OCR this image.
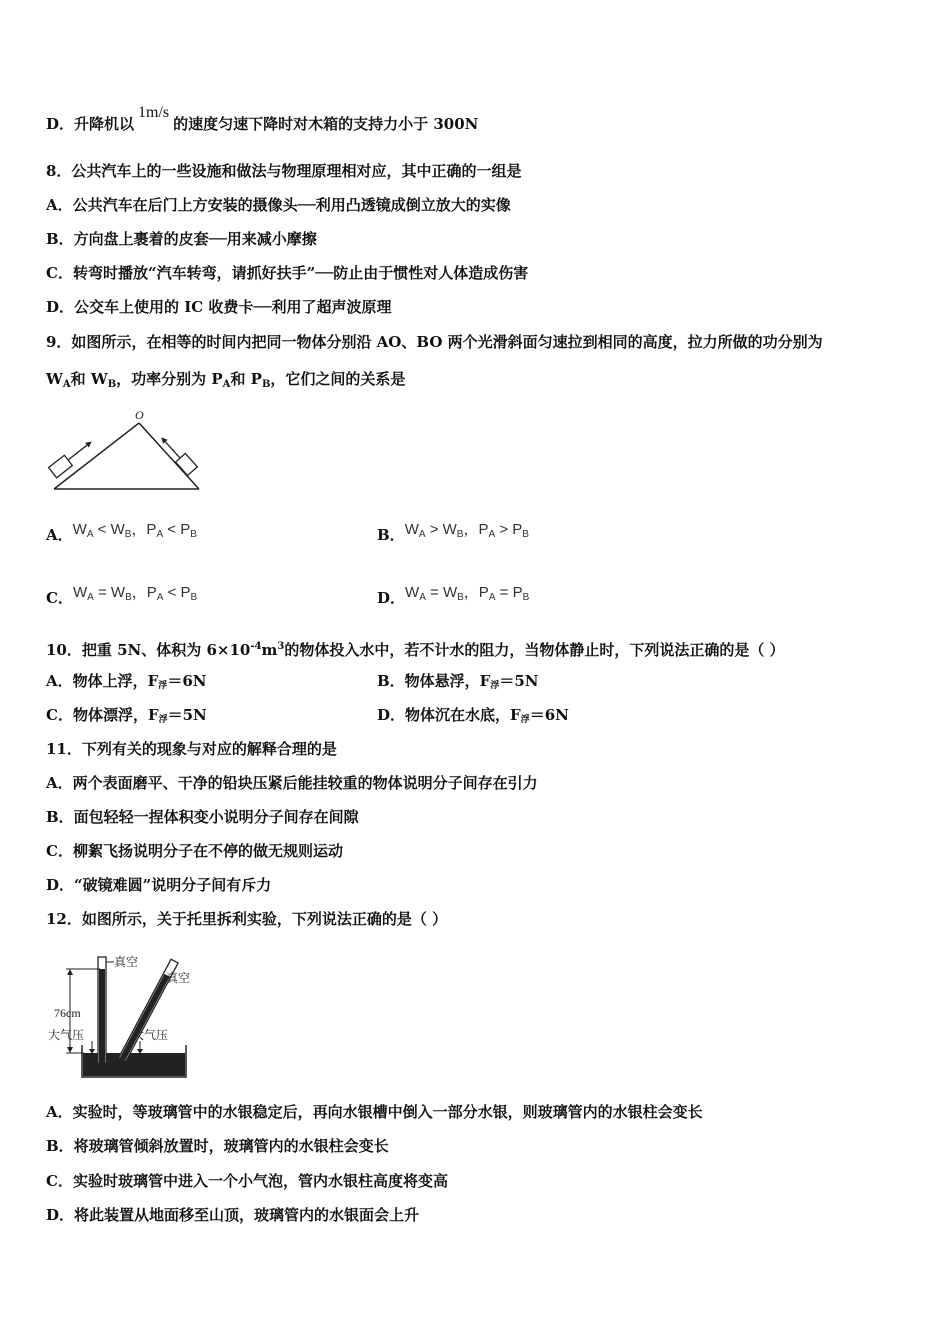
D．升降机以1m/s的速度匀速下降时对木箱的支持力小于 300N
8．公共汽车上的一些设施和做法与物理原理相对应，其中正确的一组是
A．公共汽车在后门上方安装的摄像头──利用凸透镜成倒立放大的实像
B．方向盘上裹着的皮套──用来减小摩擦
C．转弯时播放“汽车转弯，请抓好扶手”──防止由于惯性对人体造成伤害
D．公交车上使用的 IC 收费卡──利用了超声波原理
9．如图所示，在相等的时间内把同一物体分别沿 AO、BO 两个光滑斜面匀速拉到相同的高度，拉力所做的功分别为
$W_A$和 $W_B$，功率分别为 $P_A$和 $P_B$，它们之间的关系是
O
A．$W_A < W_B$，$P_A < P_B$	B．$W_A > W_B$，$P_A > P_B$
C．$W_A = W_B$，$P_A < P_B$	D．$W_A = W_B$，$P_A = P_B$
10．把重 5N、体积为 $6\times 10^{-4}m^3$的物体投入水中，若不计水的阻力，当物体静止时，下列说法正确的是（ ）
A．物体上浮，F浮＝6N	B．物体悬浮，F浮＝5N
C．物体漂浮，F浮＝5N	D．物体沉在水底，F浮＝6N
11．下列有关的现象与对应的解释合理的是
A．两个表面磨平、干净的铅块压紧后能挂较重的物体说明分子间存在引力
B．面包轻轻一捏体积变小说明分子间存在间隙
C．柳絮飞扬说明分子在不停的做无规则运动
D．“破镜难圆”说明分子间有斥力
12．如图所示，关于托里拆利实验，下列说法正确的是（ ）
真空
真空
76cm
大气压	大气压
A．实验时，等玻璃管中的水银稳定后，再向水银槽中倒入一部分水银，则玻璃管内的水银柱会变长
B．将玻璃管倾斜放置时，玻璃管内的水银柱会变长
C．实验时玻璃管中进入一个小气泡，管内水银柱高度将变高
D．将此装置从地面移至山顶，玻璃管内的水银面会上升
